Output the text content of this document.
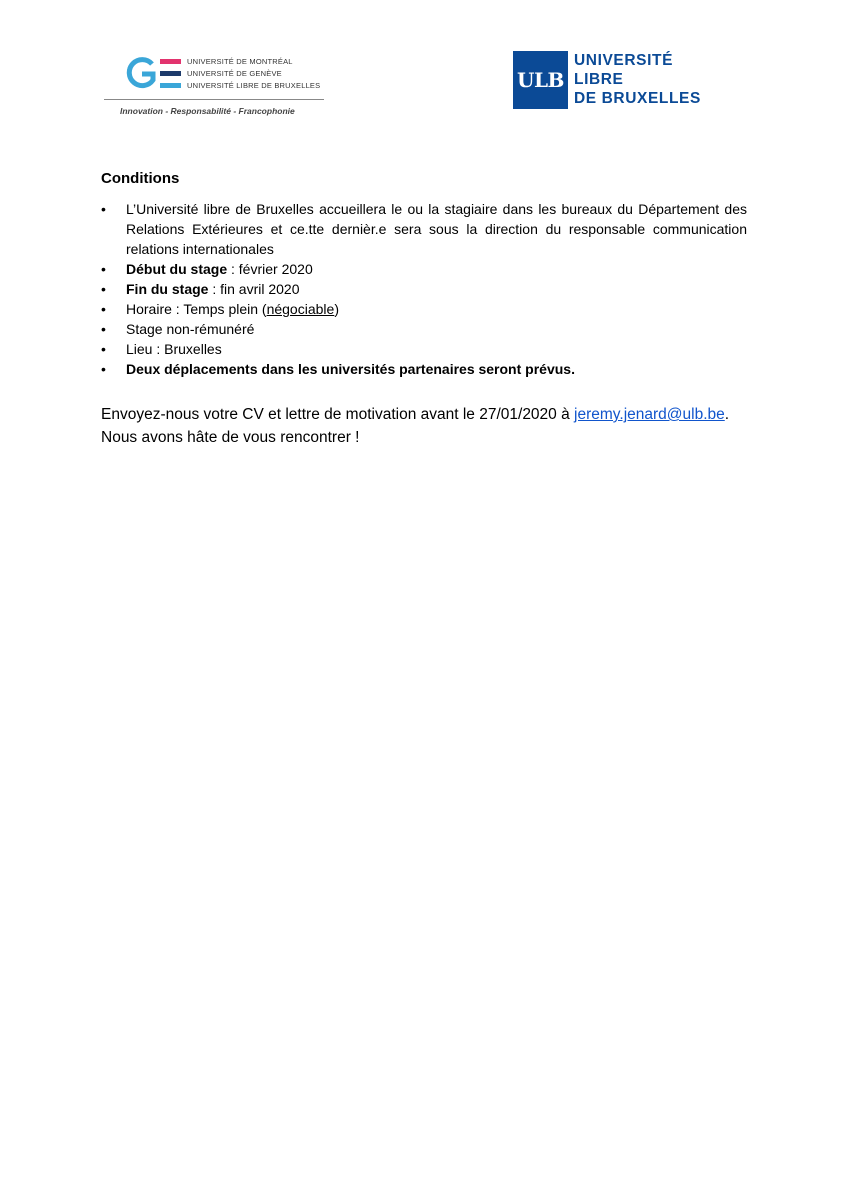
UNIVERSITÉ DE MONTRÉAL
UNIVERSITÉ DE GENÈVE
UNIVERSITÉ LIBRE DE BRUXELLES
Innovation - Responsabilité - Francophonie
ULB
UNIVERSITÉ
LIBRE
DE BRUXELLES
Conditions
• L’Université libre de Bruxelles accueillera le ou la stagiaire dans les bureaux du Département des Relations Extérieures et ce.tte dernièr.e sera sous la direction du responsable communication relations internationales
• Début du stage : février 2020
• Fin du stage : fin avril 2020
• Horaire : Temps plein (négociable)
• Stage non-rémunéré
• Lieu : Bruxelles
• Deux déplacements dans les universités partenaires seront prévus.
Envoyez-nous votre CV et lettre de motivation avant le 27/01/2020 à jeremy.jenard@ulb.be.
Nous avons hâte de vous rencontrer !
